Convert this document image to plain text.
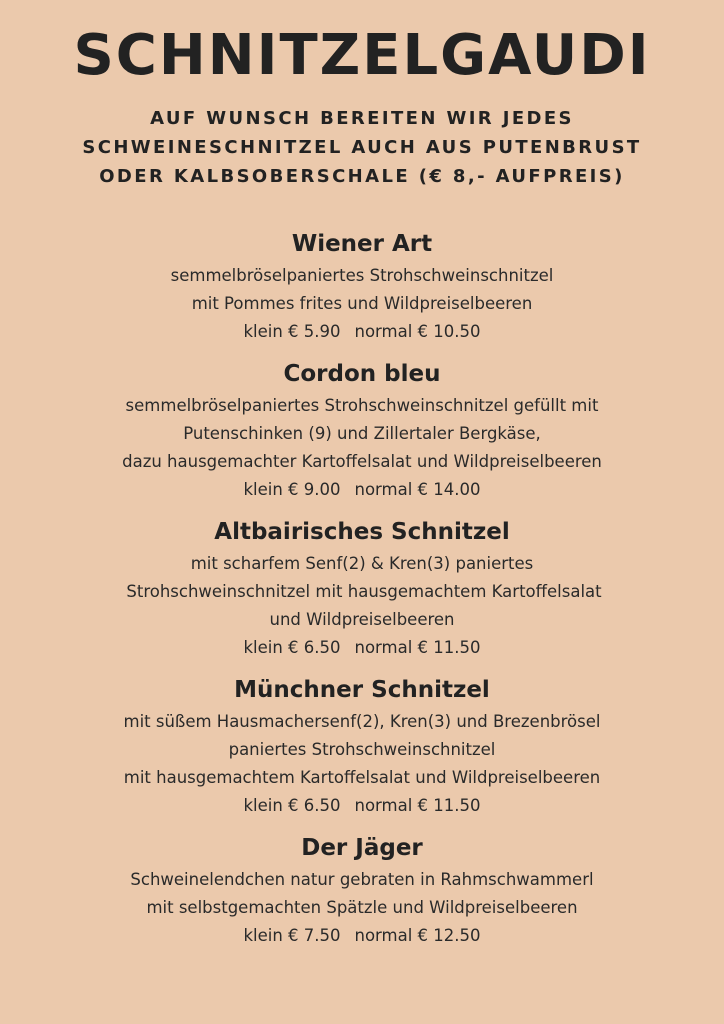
SCHNITZELGAUDI
AUF WUNSCH BEREITEN WIR JEDES
SCHWEINESCHNITZEL AUCH AUS PUTENBRUST
ODER KALBSOBERSCHALE (€ 8,- AUFPREIS)
Wiener Art
semmelbröselpaniertes Strohschweinschnitzel
mit Pommes frites und Wildpreiselbeeren
klein € 5.90 normal € 10.50
Cordon bleu
semmelbröselpaniertes Strohschweinschnitzel gefüllt mit
Putenschinken (9) und Zillertaler Bergkäse,
dazu hausgemachter Kartoffelsalat und Wildpreiselbeeren
klein € 9.00 normal € 14.00
Altbairisches Schnitzel
mit scharfem Senf(2) & Kren(3) paniertes
Strohschweinschnitzel mit hausgemachtem Kartoffelsalat
und Wildpreiselbeeren
klein € 6.50 normal € 11.50
Münchner Schnitzel
mit süßem Hausmachersenf(2), Kren(3) und Brezenbrösel
paniertes Strohschweinschnitzel
mit hausgemachtem Kartoffelsalat und Wildpreiselbeeren
klein € 6.50 normal € 11.50
Der Jäger
Schweinelendchen natur gebraten in Rahmschwammerl
mit selbstgemachten Spätzle und Wildpreiselbeeren
klein € 7.50 normal € 12.50
